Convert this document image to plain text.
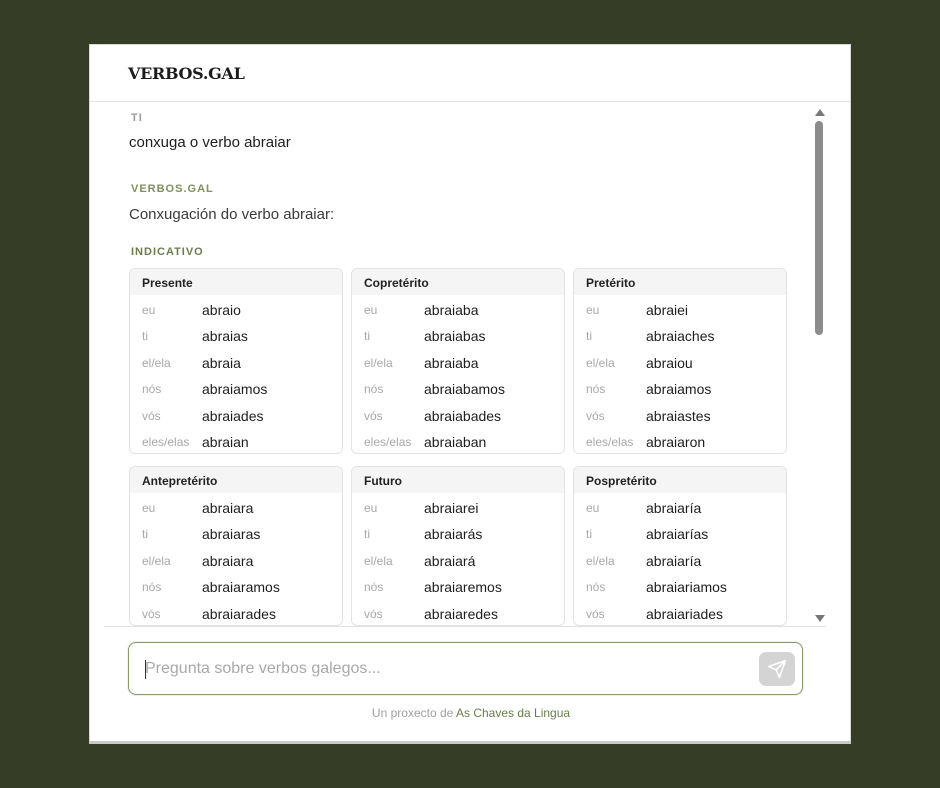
VERBOS.GAL
TI
conxuga o verbo abraiar
VERBOS.GAL
Conxugación do verbo abraiar:
INDICATIVO
Presente
eu	abraio
ti	abraias
el/ela abraia
nós	abraiamos
vós	abraiades
eles/elas abraian
Copretérito
eu	abraiaba
ti	abraiabas
el/ela abraiaba
nós	abraiabamos
vós	abraiabades
eles/elas abraiaban
Pretérito
eu	abraiei
ti	abraiaches
el/ela abraiou
nós	abraiamos
vós	abraiastes
eles/elas abraiaron
Antepretérito
eu	abraiara
ti	abraiaras
el/ela abraiara
nós	abraiaramos
vós	abraiarades
Futuro
eu	abraiarei
ti	abraiarás
el/ela abraiará
nós	abraiaremos
vós	abraiaredes
Pospretérito
eu	abraiaría
ti	abraiarías
el/ela abraiaría
nós	abraiariamos
vós	abraiariades
Pregunta sobre verbos galegos...
Un proxecto de As Chaves da Lingua
